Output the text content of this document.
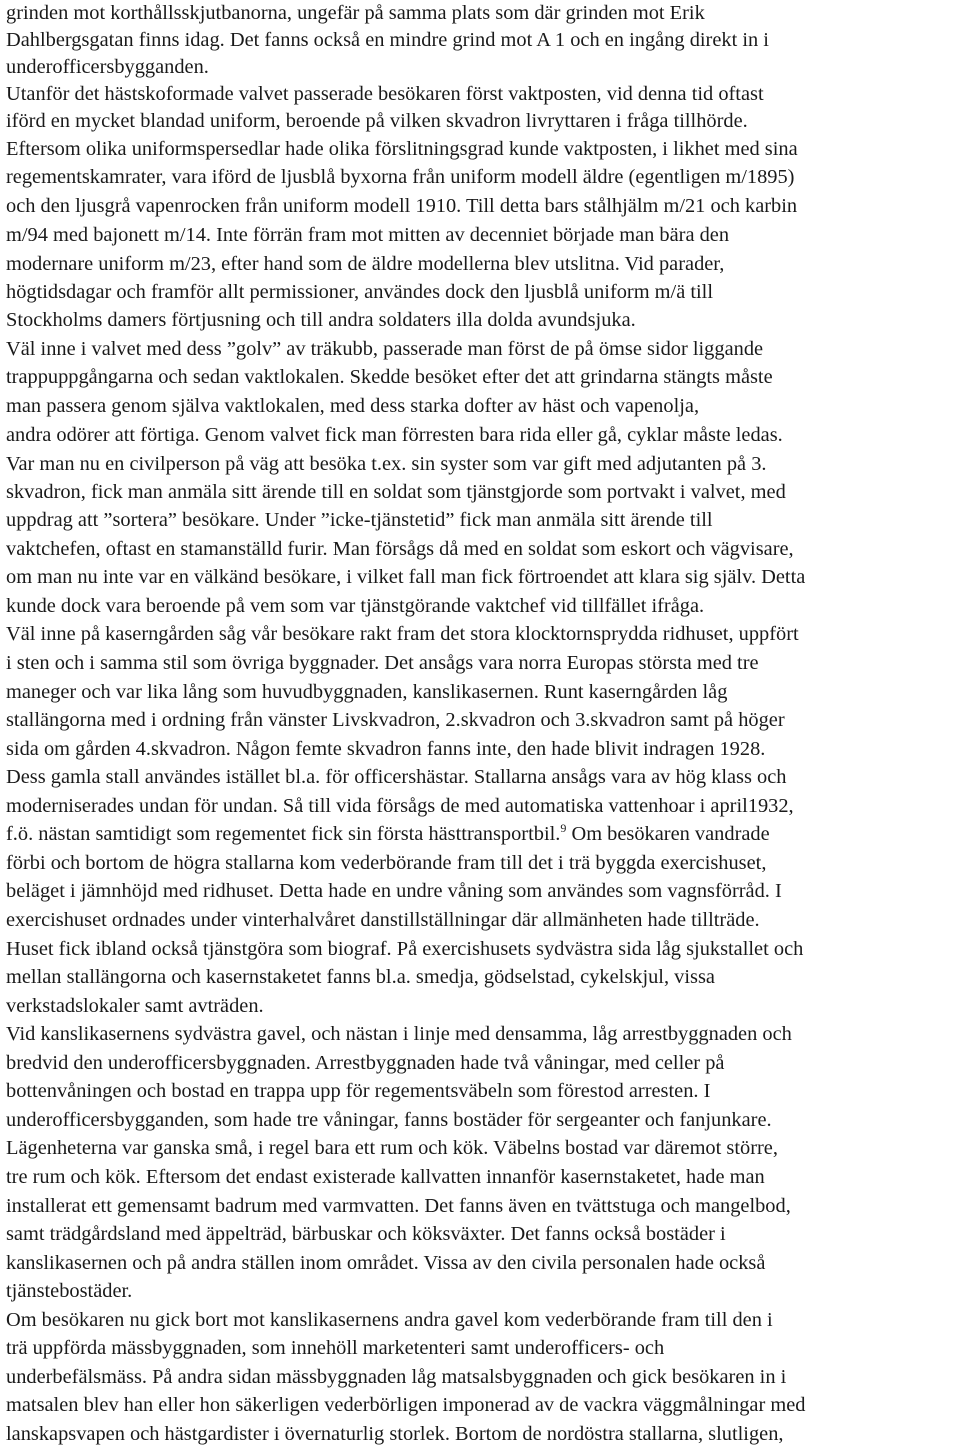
grinden mot korthållsskjutbanorna, ungefär på samma plats som där grinden mot Erik

Dahlbergsgatan finns idag. Det fanns också en mindre grind mot A 1 och en ingång direkt in i

underofficersbygganden.

Utanför det hästskoformade valvet passerade besökaren först vaktposten, vid denna tid oftast

iförd en mycket blandad uniform, beroende på vilken skvadron livryttaren i fråga tillhörde.

Eftersom olika uniformspersedlar hade olika förslitningsgrad kunde vaktposten, i likhet med sina

regementskamrater, vara iförd de ljusblå byxorna från uniform modell äldre (egentligen m/1895)

och den ljusgrå vapenrocken från uniform modell 1910. Till detta bars stålhjälm m/21 och karbin

m/94 med bajonett m/14. Inte förrän fram mot mitten av decenniet började man bära den

modernare uniform m/23, efter hand som de äldre modellerna blev utslitna. Vid parader,

högtidsdagar och framför allt permissioner, användes dock den ljusblå uniform m/ä till

Stockholms damers förtjusning och till andra soldaters illa dolda avundsjuka.

Väl inne i valvet med dess ”golv” av träkubb, passerade man först de på ömse sidor liggande

trappuppgångarna och sedan vaktlokalen. Skedde besöket efter det att grindarna stängts måste

man passera genom själva vaktlokalen, med dess starka dofter av häst och vapenolja,

andra odörer att förtiga. Genom valvet fick man förresten bara rida eller gå, cyklar måste ledas.

Var man nu en civilperson på väg att besöka t.ex. sin syster som var gift med adjutanten på 3.

skvadron, fick man anmäla sitt ärende till en soldat som tjänstgjorde som portvakt i valvet, med

uppdrag att ”sortera” besökare. Under ”icke-tjänstetid” fick man anmäla sitt ärende till

vaktchefen, oftast en stamanställd furir. Man försågs då med en soldat som eskort och vägvisare,

om man nu inte var en välkänd besökare, i vilket fall man fick förtroendet att klara sig själv. Detta

kunde dock vara beroende på vem som var tjänstgörande vaktchef vid tillfället ifråga.

Väl inne på kaserngården såg vår besökare rakt fram det stora klocktornsprydda ridhuset, uppfört

i sten och i samma stil som övriga byggnader. Det ansågs vara norra Europas största med tre

maneger och var lika lång som huvudbyggnaden, kanslikasernen. Runt kaserngården låg

stallängorna med i ordning från vänster Livskvadron, 2.skvadron och 3.skvadron samt på höger

sida om gården 4.skvadron. Någon femte skvadron fanns inte, den hade blivit indragen 1928.

Dess gamla stall användes istället bl.a. för officershästar. Stallarna ansågs vara av hög klass och

moderniserades undan för undan. Så till vida försågs de med automatiska vattenhoar i april1932,

f.ö. nästan samtidigt som regementet fick sin första hästtransportbil.$^9$ Om besökaren vandrade

förbi och bortom de högra stallarna kom vederbörande fram till det i trä byggda exercishuset,

beläget i jämnhöjd med ridhuset. Detta hade en undre våning som användes som vagnsförråd. I

exercishuset ordnades under vinterhalvåret danstillställningar där allmänheten hade tillträde.

Huset fick ibland också tjänstgöra som biograf. På exercishusets sydvästra sida låg sjukstallet och

mellan stallängorna och kasernstaketet fanns bl.a. smedja, gödselstad, cykelskjul, vissa

verkstadslokaler samt avträden.

Vid kanslikasernens sydvästra gavel, och nästan i linje med densamma, låg arrestbyggnaden och

bredvid den underofficersbyggnaden. Arrestbyggnaden hade två våningar, med celler på

bottenvåningen och bostad en trappa upp för regementsväbeln som förestod arresten. I

underofficersbygganden, som hade tre våningar, fanns bostäder för sergeanter och fanjunkare.

Lägenheterna var ganska små, i regel bara ett rum och kök. Väbelns bostad var däremot större,

tre rum och kök. Eftersom det endast existerade kallvatten innanför kasernstaketet, hade man

installerat ett gemensamt badrum med varmvatten. Det fanns även en tvättstuga och mangelbod,

samt trädgårdsland med äppelträd, bärbuskar och köksväxter. Det fanns också bostäder i

kanslikasernen och på andra ställen inom området. Vissa av den civila personalen hade också

tjänstebostäder.

Om besökaren nu gick bort mot kanslikasernens andra gavel kom vederbörande fram till den i

trä uppförda mässbyggnaden, som innehöll marketenteri samt underofficers- och

underbefälsmäss. På andra sidan mässbyggnaden låg matsalsbyggnaden och gick besökaren in i

matsalen blev han eller hon säkerligen vederbörligen imponerad av de vackra väggmålningar med

lanskapsvapen och hästgardister i övernaturlig storlek. Bortom de nordöstra stallarna, slutligen,
